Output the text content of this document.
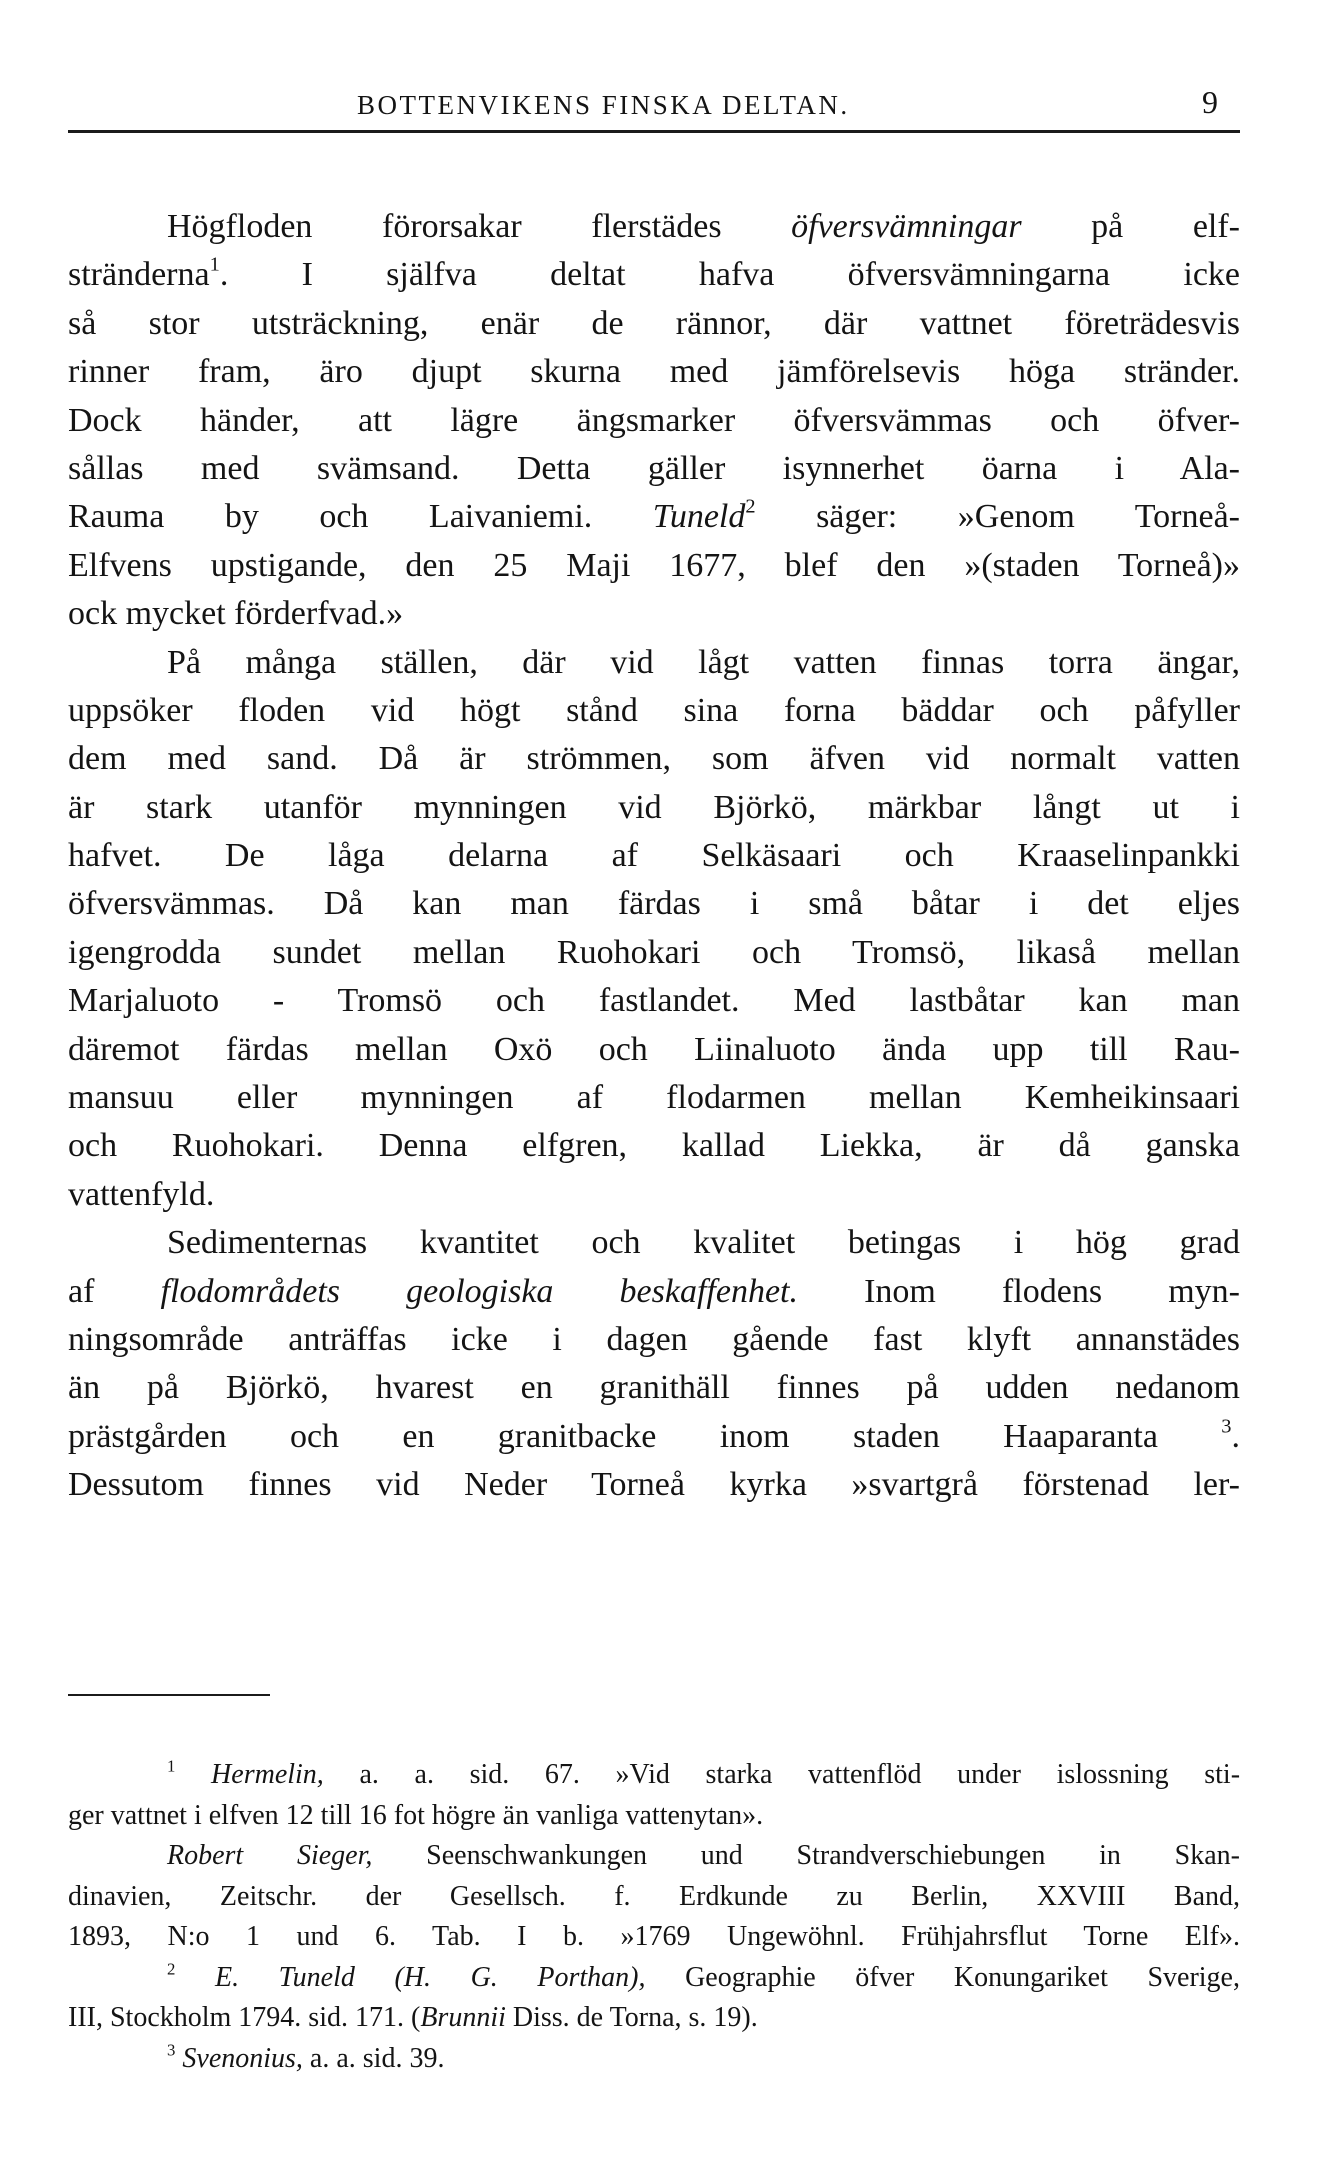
BOTTENVIKENS FINSKA DELTAN.	9
Högfloden förorsakar flerstädes öfversvämningar på elf-
stränderna$^1$. I själfva deltat hafva öfversvämningarna icke
så stor utsträckning, enär de rännor, där vattnet företrädesvis
rinner fram, äro djupt skurna med jämförelsevis höga stränder.
Dock händer, att lägre ängsmarker öfversvämmas och öfver-
sållas med svämsand. Detta gäller isynnerhet öarna i Ala-
Rauma by och Laivaniemi. Tuneld$^2$ säger: »Genom Torneå-
Elfvens upstigande, den 25 Maji 1677, blef den »(staden Torneå)»
ock mycket förderfvad.»
På många ställen, där vid lågt vatten finnas torra ängar,
uppsöker floden vid högt stånd sina forna bäddar och påfyller
dem med sand. Då är strömmen, som äfven vid normalt vatten
är stark utanför mynningen vid Björkö, märkbar långt ut i
hafvet. De låga delarna af Selkäsaari och Kraaselinpankki
öfversvämmas. Då kan man färdas i små båtar i det eljes
igengrodda sundet mellan Ruohokari och Tromsö, likaså mellan
Marjaluoto - Tromsö och fastlandet. Med lastbåtar kan man
däremot färdas mellan Oxö och Liinaluoto ända upp till Rau-
mansuu eller mynningen af flodarmen mellan Kemheikinsaari
och Ruohokari. Denna elfgren, kallad Liekka, är då ganska
vattenfyld.
Sedimenternas kvantitet och kvalitet betingas i hög grad
af flodområdets geologiska beskaffenhet. Inom flodens myn-
ningsområde anträffas icke i dagen gående fast klyft annanstädes
än på Björkö, hvarest en granithäll finnes på udden nedanom
prästgården och en granitbacke inom staden Haaparanta $^3$.
Dessutom finnes vid Neder Torneå kyrka »svartgrå förstenad ler-
$^1$ Hermelin, a. a. sid. 67. »Vid starka vattenflöd under islossning sti-
ger vattnet i elfven 12 till 16 fot högre än vanliga vattenytan».
Robert Sieger, Seenschwankungen und Strandverschiebungen in Skan-
dinavien, Zeitschr. der Gesellsch. f. Erdkunde zu Berlin, XXVIII Band,
1893, N:o 1 und 6. Tab. I b. »1769 Ungewöhnl. Frühjahrsflut Torne Elf».
$^2$ E. Tuneld (H. G. Porthan), Geographie öfver Konungariket Sverige,
III, Stockholm 1794. sid. 171. (Brunnii Diss. de Torna, s. 19).
$^3$ Svenonius, a. a. sid. 39.
